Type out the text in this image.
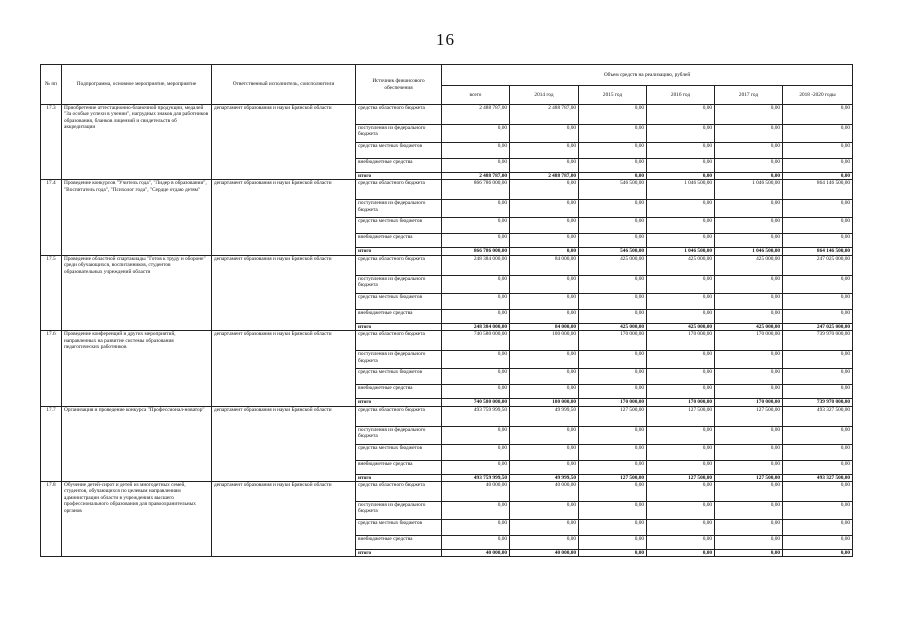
16
№ пп	Подпрограмма, основное мероприятие, мероприятие	Ответственный исполнитель, соисполнители	Источник финансового обеспечения	Объем средств на реализацию, рублей					
				всего	2014 год	2015 год	2016 год	2017 год	2018 -2020 годы
17.3	Приобретение аттестационно-бланочной продукции, медалей "За особые успехи в учении", нагрудных знаков для работников образования, бланков лицензий и свидетельств об аккредитации	департамент образования и науки Брянской области	средства областного бюджета	2 488 787,00	2 488 787,00	0,00	0,00	0,00	0,00
			поступления из федерального бюджета	0,00	0,00	0,00	0,00	0,00	0,00
			средства местных бюджетов	0,00	0,00	0,00	0,00	0,00	0,00
			внебюджетные средства	0,00	0,00	0,00	0,00	0,00	0,00
			итого	2 488 787,00	2 488 787,00	0,00	0,00	0,00	0,00
17.4	Проведение конкурсов "Учитель года", "Лидер в образовании", "Воспитатель года", "Психолог года", "Сердце отдаю детям"	департамент образования и науки Брянской области	средства областного бюджета	866 786 000,00	0,00	546 500,00	1 046 500,00	1 046 500,00	864 146 500,00
			поступления из федерального бюджета	0,00	0,00	0,00	0,00	0,00	0,00
			средства местных бюджетов	0,00	0,00	0,00	0,00	0,00	0,00
			внебюджетные средства	0,00	0,00	0,00	0,00	0,00	0,00
			итого	866 786 000,00	0,00	546 500,00	1 046 500,00	1 046 500,00	864 146 500,00
17.5	Проведение областной спартакиады "Готов к труду и обороне" среди обучающихся, воспитанников, студентов образовательных учреждений области	департамент образования и науки Брянской области	средства областного бюджета	248 384 000,00	84 000,00	425 000,00	425 000,00	425 000,00	247 025 000,00
			поступления из федерального бюджета	0,00	0,00	0,00	0,00	0,00	0,00
			средства местных бюджетов	0,00	0,00	0,00	0,00	0,00	0,00
			внебюджетные средства	0,00	0,00	0,00	0,00	0,00	0,00
			итого	248 384 000,00	84 000,00	425 000,00	425 000,00	425 000,00	247 025 000,00
17.6	Проведение конференций и других мероприятий, направленных на развитие системы образования педагогических работников	департамент образования и науки Брянской области	средства областного бюджета	740 580 000,00	100 000,00	170 000,00	170 000,00	170 000,00	739 970 000,00
			поступления из федерального бюджета	0,00	0,00	0,00	0,00	0,00	0,00
			средства местных бюджетов	0,00	0,00	0,00	0,00	0,00	0,00
			внебюджетные средства	0,00	0,00	0,00	0,00	0,00	0,00
			итого	740 580 000,00	100 000,00	170 000,00	170 000,00	170 000,00	739 970 000,00
17.7	Организация и проведение конкурса "Профессионал-новатор"	департамент образования и науки Брянской области	средства областного бюджета	493 759 999,50	49 999,50	127 500,00	127 500,00	127 500,00	493 327 500,00
			поступления из федерального бюджета	0,00	0,00	0,00	0,00	0,00	0,00
			средства местных бюджетов	0,00	0,00	0,00	0,00	0,00	0,00
			внебюджетные средства	0,00	0,00	0,00	0,00	0,00	0,00
			итого	493 759 999,50	49 999,50	127 500,00	127 500,00	127 500,00	493 327 500,00
17.8	Обучение детей-сирот и детей из многодетных семей, студентов, обучающихся по целевым направлениям администрации области в учреждениях высшего профессионального образования для правоохранительных органов	департамент образования и науки Брянской области	средства областного бюджета	40 000,00	40 000,00	0,00	0,00	0,00	0,00
			поступления из федерального бюджета	0,00	0,00	0,00	0,00	0,00	0,00
			средства местных бюджетов	0,00	0,00	0,00	0,00	0,00	0,00
			внебюджетные средства	0,00	0,00	0,00	0,00	0,00	0,00
			итого	40 000,00	40 000,00	0,00	0,00	0,00	0,00
